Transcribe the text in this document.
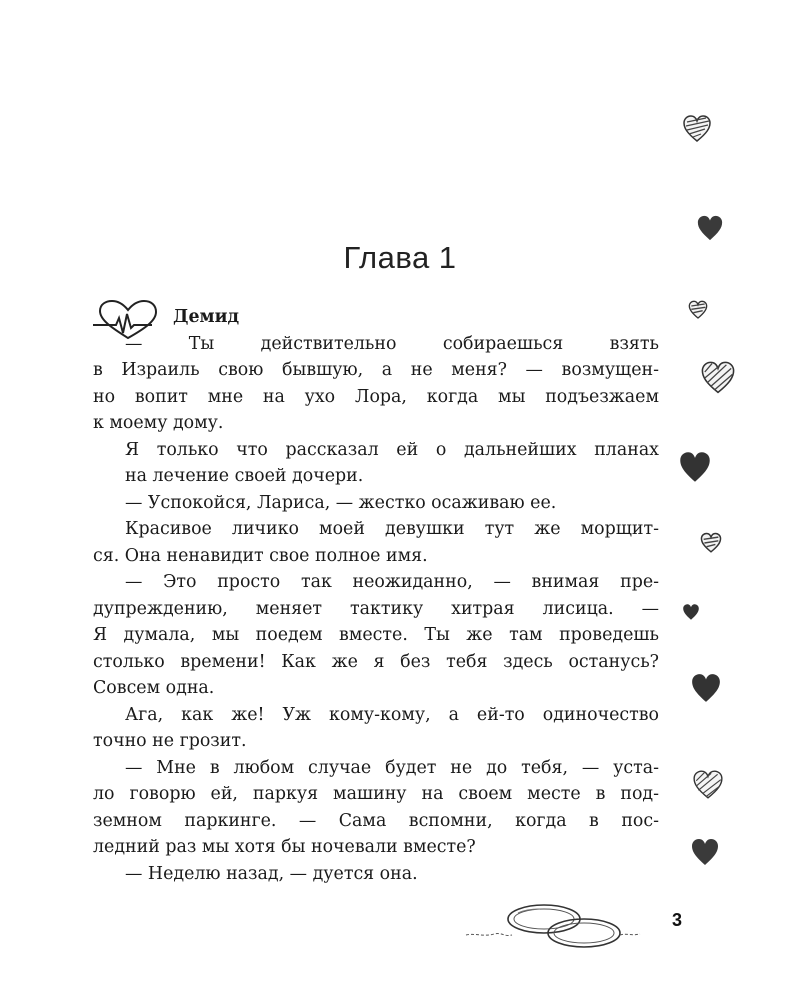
Глава 1
Демид
— Ты действительно собираешься взять
в Израиль свою бывшую, а не меня? — возмущен-
но вопит мне на ухо Лора, когда мы подъезжаем
к моему дому.
Я только что рассказал ей о дальнейших планах
на лечение своей дочери.
— Успокойся, Лариса, — жестко осаживаю ее.
Красивое личико моей девушки тут же морщит-
ся. Она ненавидит свое полное имя.
— Это просто так неожиданно, — внимая пре-
дупреждению, меняет тактику хитрая лисица. —
Я думала, мы поедем вместе. Ты же там проведешь
столько времени! Как же я без тебя здесь останусь?
Совсем одна.
Ага, как же! Уж кому-кому, а ей-то одиночество
точно не грозит.
— Мне в любом случае будет не до тебя, — уста-
ло говорю ей, паркуя машину на своем месте в под-
земном паркинге. — Сама вспомни, когда в пос-
ледний раз мы хотя бы ночевали вместе?
— Неделю назад, — дуется она.
3
